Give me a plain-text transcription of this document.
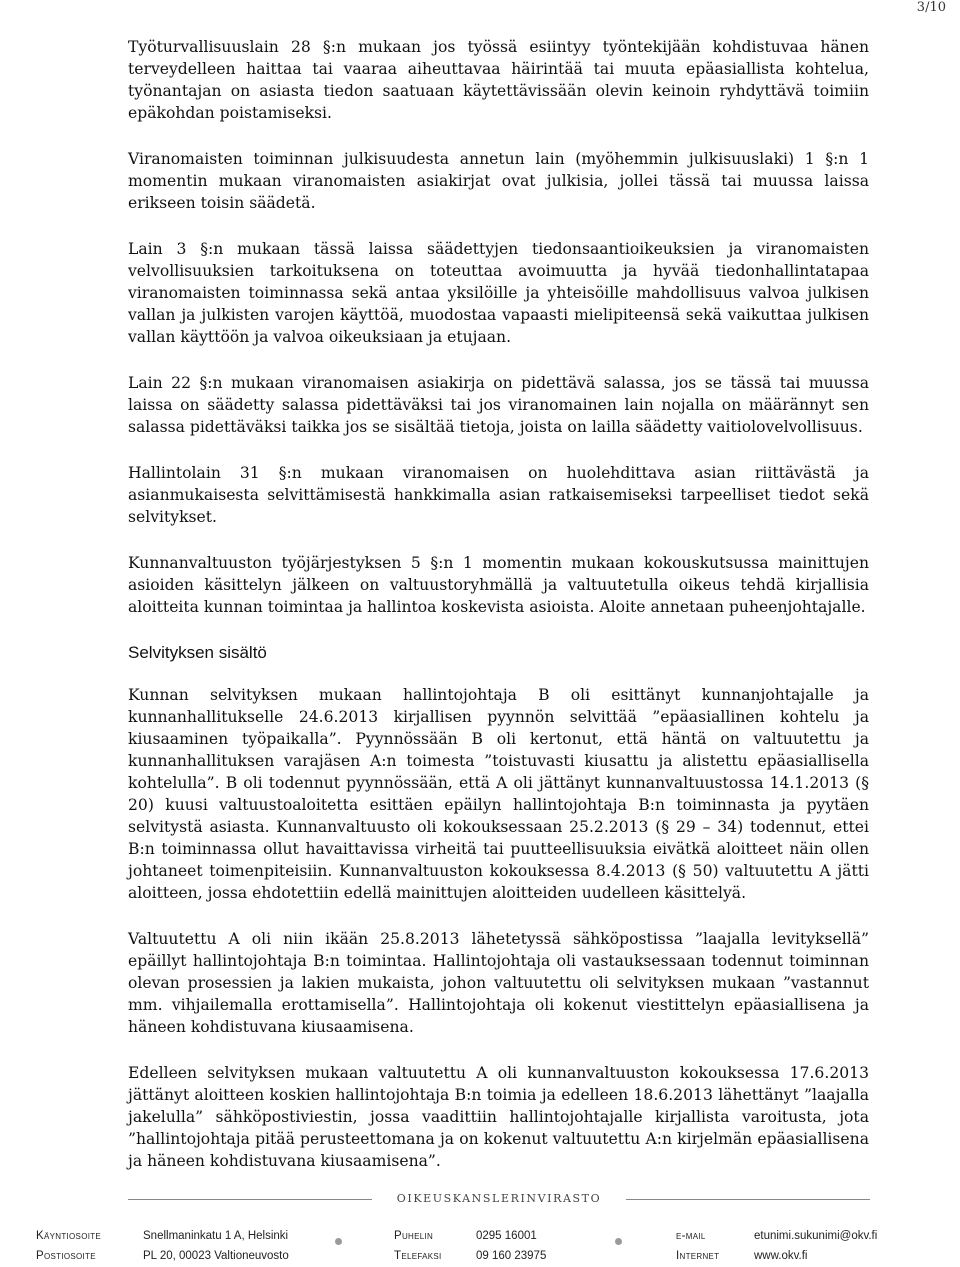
3/10

Työturvallisuuslain 28 §:n mukaan jos työssä esiintyy työntekijään kohdistuvaa hänen terveydelleen haittaa tai vaaraa aiheuttavaa häirintää tai muuta epäasiallista kohtelua, työnantajan on asiasta tiedon saatuaan käytettävissään olevin keinoin ryhdyttävä toimiin epäkohdan poistamiseksi.

Viranomaisten toiminnan julkisuudesta annetun lain (myöhemmin julkisuuslaki) 1 §:n 1 momentin mukaan viranomaisten asiakirjat ovat julkisia, jollei tässä tai muussa laissa erikseen toisin säädetä.

Lain 3 §:n mukaan tässä laissa säädettyjen tiedonsaantioikeuksien ja viranomaisten velvollisuuksien tarkoituksena on toteuttaa avoimuutta ja hyvää tiedonhallintatapaa viranomaisten toiminnassa sekä antaa yksilöille ja yhteisöille mahdollisuus valvoa julkisen vallan ja julkisten varojen käyttöä, muodostaa vapaasti mielipiteensä sekä vaikuttaa julkisen vallan käyttöön ja valvoa oikeuksiaan ja etujaan.

Lain 22 §:n mukaan viranomaisen asiakirja on pidettävä salassa, jos se tässä tai muussa laissa on säädetty salassa pidettäväksi tai jos viranomainen lain nojalla on määrännyt sen salassa pidettäväksi taikka jos se sisältää tietoja, joista on lailla säädetty vaitiolovelvollisuus.

Hallintolain 31 §:n mukaan viranomaisen on huolehdittava asian riittävästä ja asianmukaisesta selvittämisestä hankkimalla asian ratkaisemiseksi tarpeelliset tiedot sekä selvitykset.

Kunnanvaltuuston työjärjestyksen 5 §:n 1 momentin mukaan kokouskutsussa mainittujen asioiden käsittelyn jälkeen on valtuustoryhmällä ja valtuutetulla oikeus tehdä kirjallisia aloitteita kunnan toimintaa ja hallintoa koskevista asioista. Aloite annetaan puheenjohtajalle.

Selvityksen sisältö

Kunnan selvityksen mukaan hallintojohtaja B oli esittänyt kunnanjohtajalle ja kunnanhallitukselle 24.6.2013 kirjallisen pyynnön selvittää ”epäasiallinen kohtelu ja kiusaaminen työpaikalla”. Pyynnössään B oli kertonut, että häntä on valtuutettu ja kunnanhallituksen varajäsen A:n toimesta ”toistuvasti kiusattu ja alistettu epäasiallisella kohtelulla”. B oli todennut pyynnössään, että A oli jättänyt kunnanvaltuustossa 14.1.2013 (§ 20) kuusi valtuustoaloitetta esittäen epäilyn hallintojohtaja B:n toiminnasta ja pyytäen selvitystä asiasta. Kunnanvaltuusto oli kokouksessaan 25.2.2013 (§ 29 – 34) todennut, ettei B:n toiminnassa ollut havaittavissa virheitä tai puutteellisuuksia eivätkä aloitteet näin ollen johtaneet toimenpiteisiin. Kunnanvaltuuston kokouksessa 8.4.2013 (§ 50) valtuutettu A jätti aloitteen, jossa ehdotettiin edellä mainittujen aloitteiden uudelleen käsittelyä.

Valtuutettu A oli niin ikään 25.8.2013 lähetetyssä sähköpostissa ”laajalla levityksellä” epäillyt hallintojohtaja B:n toimintaa. Hallintojohtaja oli vastauksessaan todennut toiminnan olevan prosessien ja lakien mukaista, johon valtuutettu oli selvityksen mukaan ”vastannut mm. vihjailemalla erottamisella”. Hallintojohtaja oli kokenut viestittelyn epäasiallisena ja häneen kohdistuvana kiusaamisena.

Edelleen selvityksen mukaan valtuutettu A oli kunnanvaltuuston kokouksessa 17.6.2013 jättänyt aloitteen koskien hallintojohtaja B:n toimia ja edelleen 18.6.2013 lähettänyt ”laajalla jakelulla” sähköpostiviestin, jossa vaadittiin hallintojohtajalle kirjallista varoitusta, jota ”hallintojohtaja pitää perusteettomana ja on kokenut valtuutettu A:n kirjelmän epäasiallisena ja häneen kohdistuvana kiusaamisena”.

OIKEUSKANSLERINVIRASTO
Käyntiosoite	Snellmaninkatu 1 A, Helsinki	Puhelin	0295 16001	e-mail	etunimi.sukunimi@okv.fi
Postiosoite	PL 20, 00023 Valtioneuvosto	Telefaksi	09 160 23975	Internet	www.okv.fi
